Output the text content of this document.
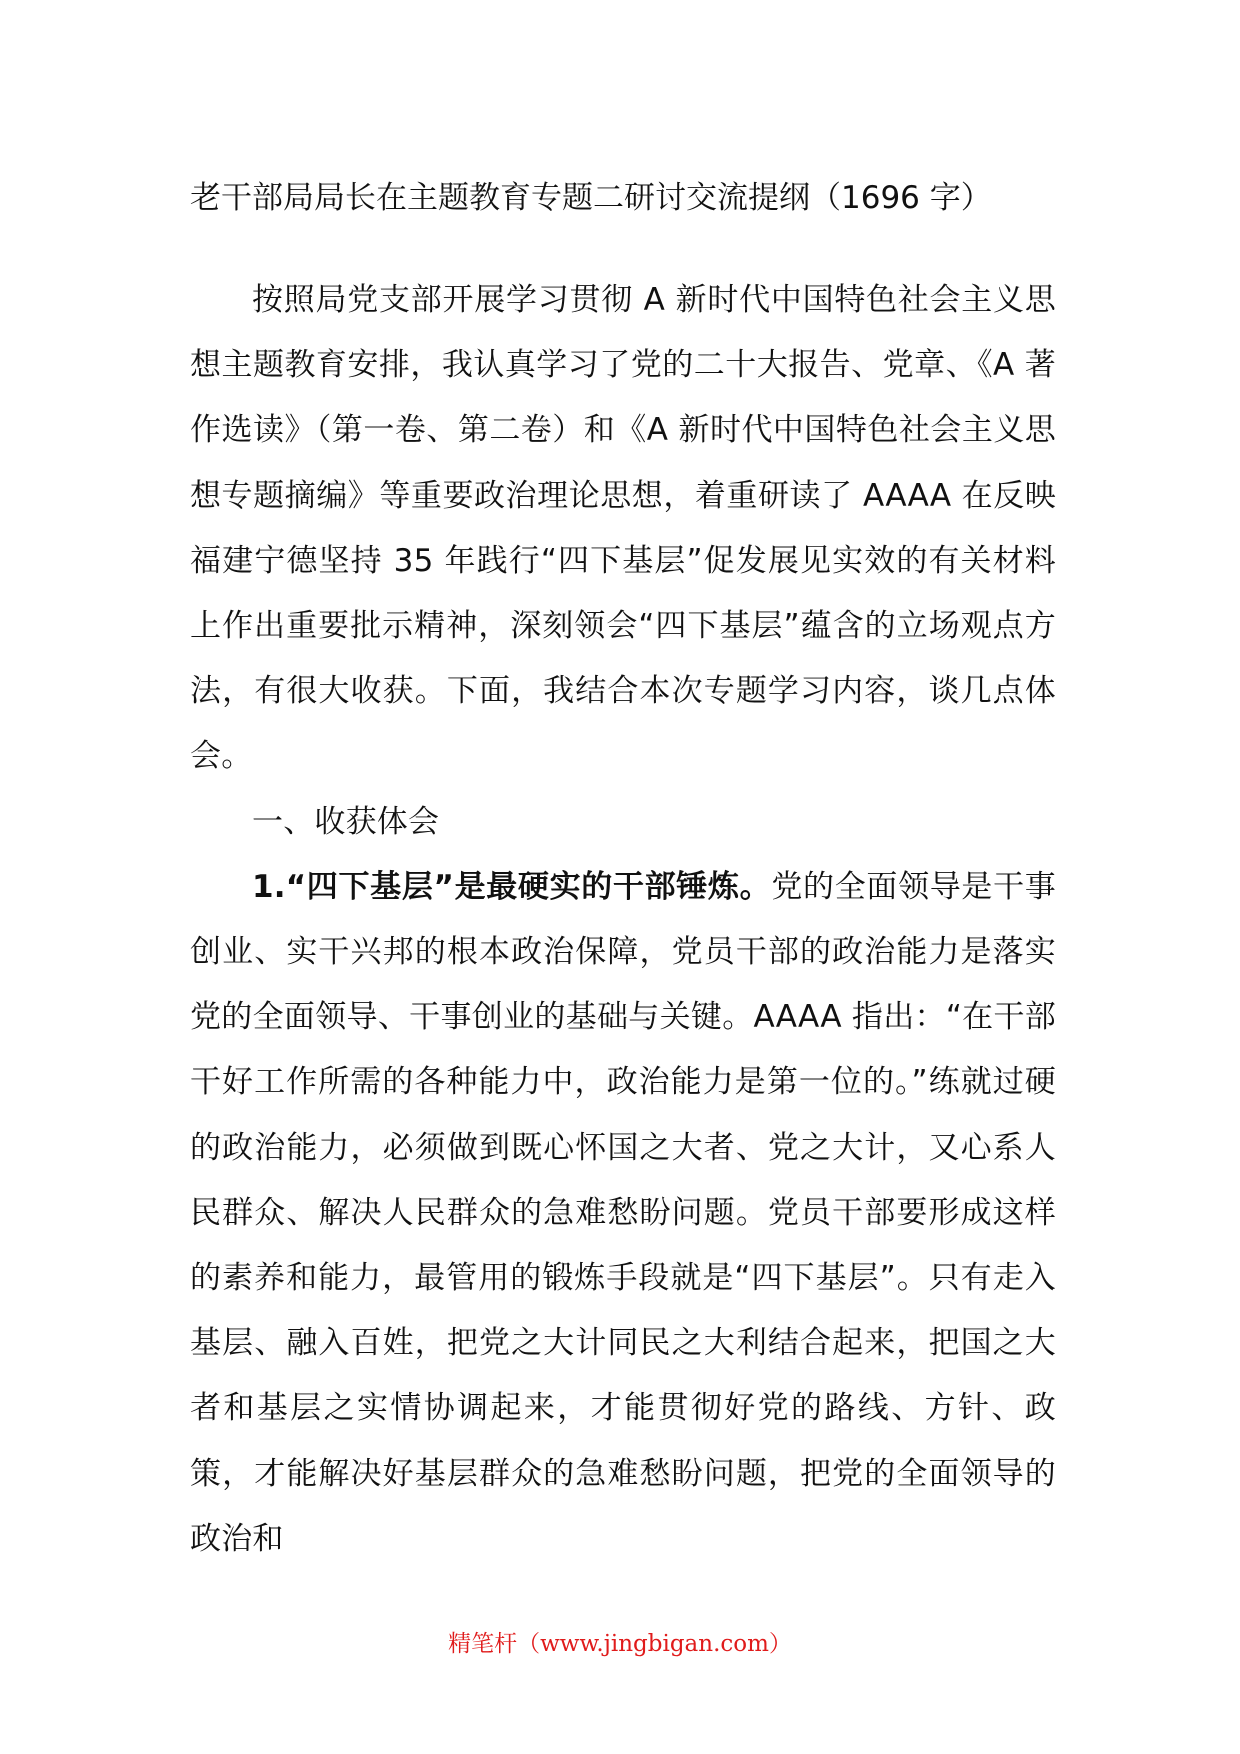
老干部局局长在主题教育专题二研讨交流提纲（1696 字）

按照局党支部开展学习贯彻 A 新时代中国特色社会主义思想主题教育安排，我认真学习了党的二十大报告、党章、《A 著作选读》（第一卷、第二卷）和《A 新时代中国特色社会主义思想专题摘编》等重要政治理论思想，着重研读了 AAAA 在反映福建宁德坚持 35 年践行“四下基层”促发展见实效的有关材料上作出重要批示精神，深刻领会“四下基层”蕴含的立场观点方法，有很大收获。下面，我结合本次专题学习内容，谈几点体会。

一、收获体会

1.“四下基层”是最硬实的干部锤炼。党的全面领导是干事创业、实干兴邦的根本政治保障，党员干部的政治能力是落实党的全面领导、干事创业的基础与关键。AAAA 指出：“在干部干好工作所需的各种能力中，政治能力是第一位的。”练就过硬的政治能力，必须做到既心怀国之大者、党之大计，又心系人民群众、解决人民群众的急难愁盼问题。党员干部要形成这样的素养和能力，最管用的锻炼手段就是“四下基层”。只有走入基层、融入百姓，把党之大计同民之大利结合起来，把国之大者和基层之实情协调起来，才能贯彻好党的路线、方针、政策，才能解决好基层群众的急难愁盼问题，把党的全面领导的政治和

精笔杆（www.jingbigan.com）
